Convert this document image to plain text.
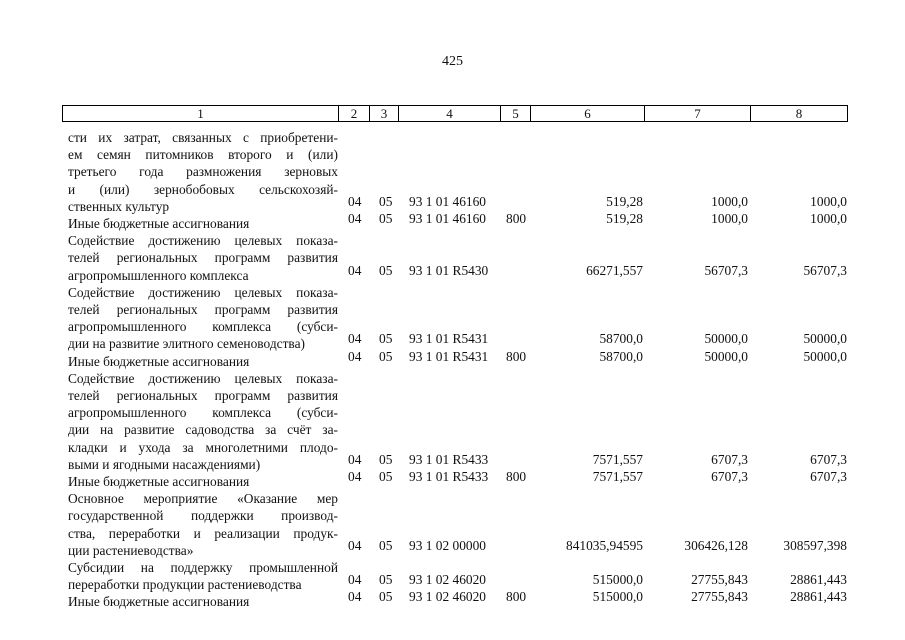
425
1	2	3	4	5	6	7	8
сти их затрат, связанных с приобретени-
ем семян питомников второго и (или)
третьего года размножения зерновых
и (или) зернобобовых сельскохозяй-
ственных культур	04 05 93 1 01 46160	519,28	1000,0	1000,0
Иные бюджетные ассигнования	04 05 93 1 01 46160 800	519,28	1000,0	1000,0
Содействие достижению целевых показа-
телей региональных программ развития
агропромышленного комплекса	04 05 93 1 01 R5430	66271,557	56707,3	56707,3
Содействие достижению целевых показа-
телей региональных программ развития
агропромышленного комплекса (субси-
дии на развитие элитного семеноводства)	04 05 93 1 01 R5431	58700,0	50000,0	50000,0
Иные бюджетные ассигнования	04 05 93 1 01 R5431 800	58700,0	50000,0	50000,0
Содействие достижению целевых показа-
телей региональных программ развития
агропромышленного комплекса (субси-
дии на развитие садоводства за счёт за-
кладки и ухода за многолетними плодо-
выми и ягодными насаждениями)	04 05 93 1 01 R5433	7571,557	6707,3	6707,3
Иные бюджетные ассигнования	04 05 93 1 01 R5433 800	7571,557	6707,3	6707,3
Основное мероприятие «Оказание мер
государственной поддержки производ-
ства, переработки и реализации продук-
ции растениеводства»	04 05 93 1 02 00000	841035,94595	306426,128	308597,398
Субсидии на поддержку промышленной
переработки продукции растениеводства	04 05 93 1 02 46020	515000,0	27755,843	28861,443
Иные бюджетные ассигнования	04 05 93 1 02 46020 800	515000,0	27755,843	28861,443
